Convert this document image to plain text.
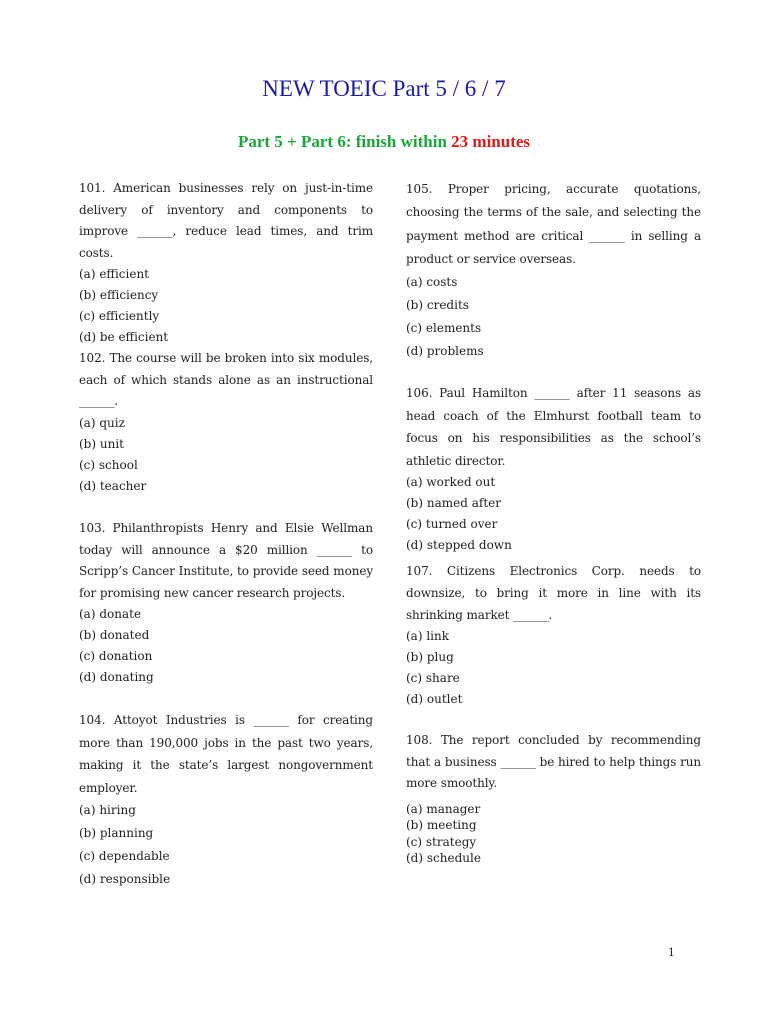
NEW TOEIC Part 5 / 6 / 7

Part 5 + Part 6: finish within 23 minutes

101. American businesses rely on just-in-time delivery of inventory and components to improve ______, reduce lead times, and trim costs.

(a) efficient
(b) efficiency
(c) efficiently
(d) be efficient

102. The course will be broken into six modules, each of which stands alone as an instructional ______.

(a) quiz
(b) unit
(c) school
(d) teacher

103. Philanthropists Henry and Elsie Wellman today will announce a $20 million ______ to Scripp’s Cancer Institute, to provide seed money for promising new cancer research projects.

(a) donate
(b) donated
(c) donation
(d) donating

104. Attoyot Industries is ______ for creating more than 190,000 jobs in the past two years, making it the state’s largest nongovernment employer.

(a) hiring
(b) planning
(c) dependable
(d) responsible

105. Proper pricing, accurate quotations, choosing the terms of the sale, and selecting the payment method are critical ______ in selling a product or service overseas.

(a) costs
(b) credits
(c) elements
(d) problems

106. Paul Hamilton ______ after 11 seasons as head coach of the Elmhurst football team to focus on his responsibilities as the school’s athletic director.

(a) worked out
(b) named after
(c) turned over
(d) stepped down

107. Citizens Electronics Corp. needs to downsize, to bring it more in line with its shrinking market ______.

(a) link
(b) plug
(c) share
(d) outlet

108. The report concluded by recommending that a business ______ be hired to help things run more smoothly.

(a) manager
(b) meeting
(c) strategy
(d) schedule
1
